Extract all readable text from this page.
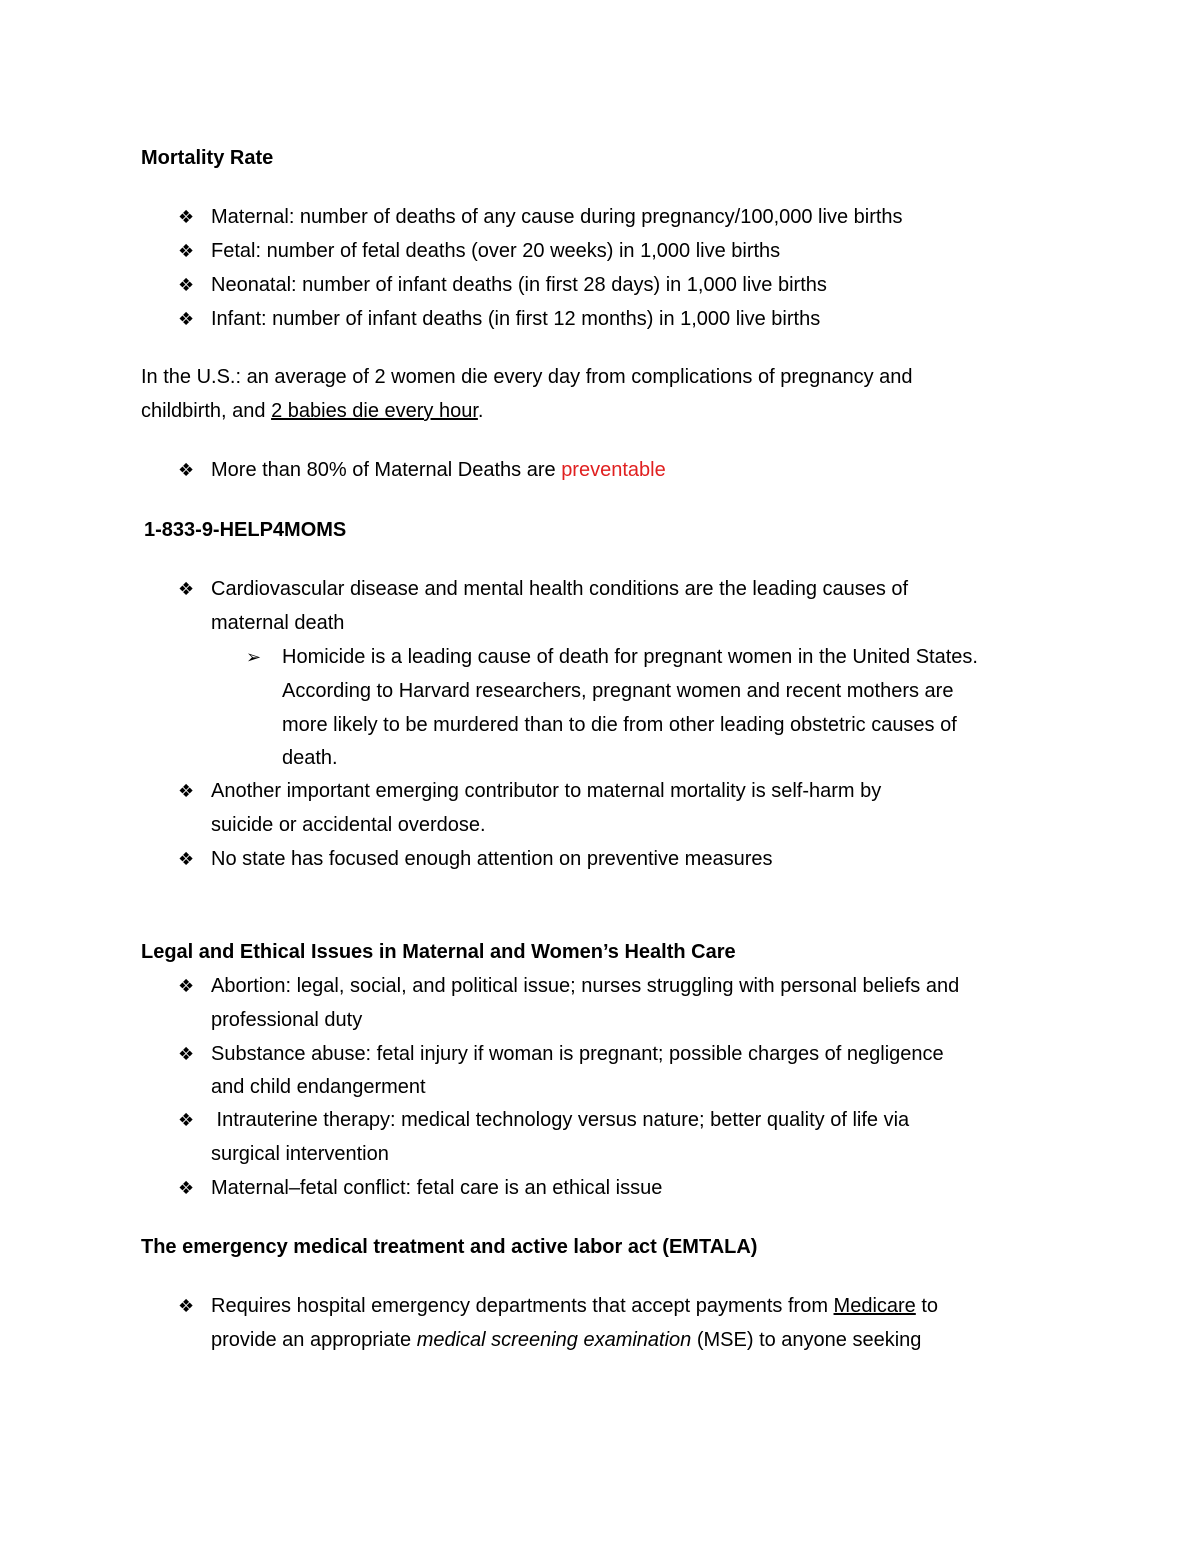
Mortality Rate
❖ Maternal: number of deaths of any cause during pregnancy/100,000 live births
❖ Fetal: number of fetal deaths (over 20 weeks) in 1,000 live births
❖ Neonatal: number of infant deaths (in first 28 days) in 1,000 live births
❖ Infant: number of infant deaths (in first 12 months) in 1,000 live births
In the U.S.: an average of 2 women die every day from complications of pregnancy and
childbirth, and 2 babies die every hour.
❖ More than 80% of Maternal Deaths are preventable
1-833-9-HELP4MOMS
❖ Cardiovascular disease and mental health conditions are the leading causes of
maternal death
➢ Homicide is a leading cause of death for pregnant women in the United States.
According to Harvard researchers, pregnant women and recent mothers are
more likely to be murdered than to die from other leading obstetric causes of
death.
❖ Another important emerging contributor to maternal mortality is self-harm by
suicide or accidental overdose.
❖ No state has focused enough attention on preventive measures
Legal and Ethical Issues in Maternal and Women’s Health Care
❖ Abortion: legal, social, and political issue; nurses struggling with personal beliefs and
professional duty
❖ Substance abuse: fetal injury if woman is pregnant; possible charges of negligence
and child endangerment
❖ Intrauterine therapy: medical technology versus nature; better quality of life via
surgical intervention
❖ Maternal–fetal conflict: fetal care is an ethical issue
The emergency medical treatment and active labor act (EMTALA)
❖ Requires hospital emergency departments that accept payments from Medicare to
provide an appropriate medical screening examination (MSE) to anyone seeking
